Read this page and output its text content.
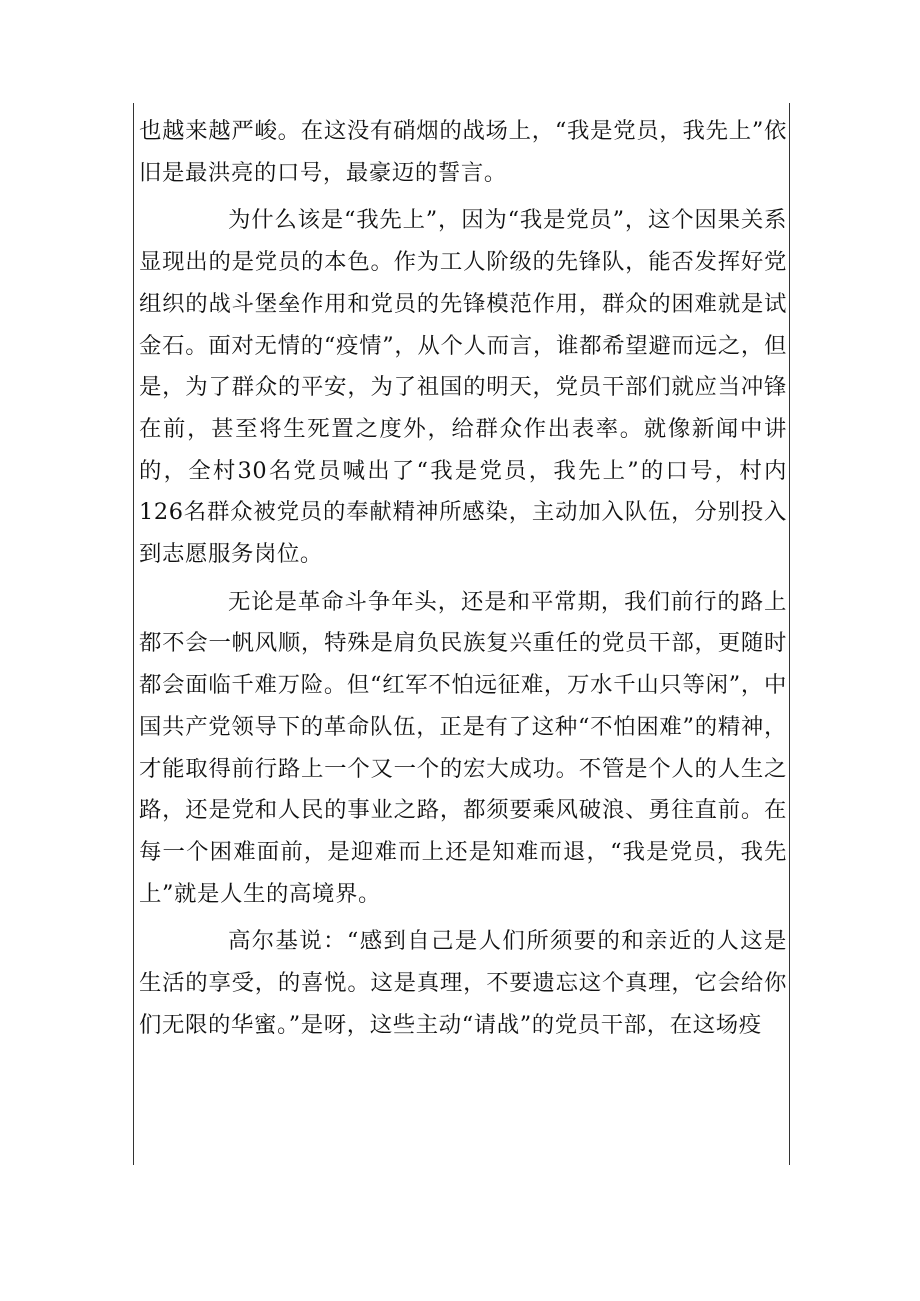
也越来越严峻。在这没有硝烟的战场上，“我是党员，我先上”依旧是最洪亮的口号，最豪迈的誓言。

为什么该是“我先上”，因为“我是党员”，这个因果关系显现出的是党员的本色。作为工人阶级的先锋队，能否发挥好党组织的战斗堡垒作用和党员的先锋模范作用，群众的困难就是试金石。面对无情的“疫情”，从个人而言，谁都希望避而远之，但是，为了群众的平安，为了祖国的明天，党员干部们就应当冲锋在前，甚至将生死置之度外，给群众作出表率。就像新闻中讲的，全村30名党员喊出了“我是党员，我先上”的口号，村内126名群众被党员的奉献精神所感染，主动加入队伍，分别投入到志愿服务岗位。

无论是革命斗争年头，还是和平常期，我们前行的路上都不会一帆风顺，特殊是肩负民族复兴重任的党员干部，更随时都会面临千难万险。但“红军不怕远征难，万水千山只等闲”，中国共产党领导下的革命队伍，正是有了这种“不怕困难”的精神，才能取得前行路上一个又一个的宏大成功。不管是个人的人生之路，还是党和人民的事业之路，都须要乘风破浪、勇往直前。在每一个困难面前，是迎难而上还是知难而退，“我是党员，我先上”就是人生的高境界。

高尔基说：“感到自己是人们所须要的和亲近的人这是生活的享受，的喜悦。这是真理，不要遗忘这个真理，它会给你们无限的华蜜。”是呀，这些主动“请战”的党员干部，在这场疫
